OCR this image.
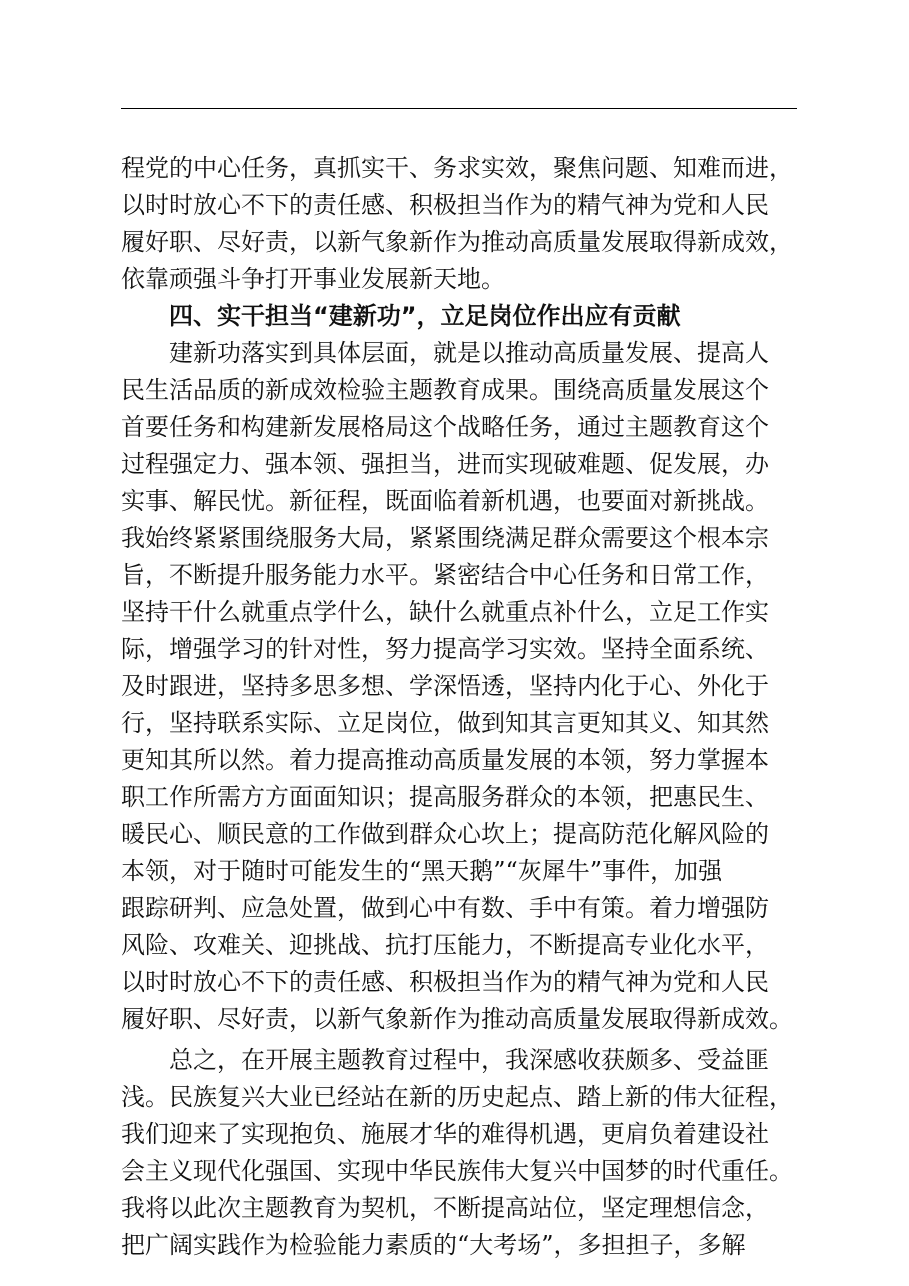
程党的中心任务，真抓实干、务求实效，聚焦问题、知难而进，
以时时放心不下的责任感、积极担当作为的精气神为党和人民
履好职、尽好责，以新气象新作为推动高质量发展取得新成效，
依靠顽强斗争打开事业发展新天地。
四、实干担当“建新功”，立足岗位作出应有贡献
建新功落实到具体层面，就是以推动高质量发展、提高人
民生活品质的新成效检验主题教育成果。围绕高质量发展这个
首要任务和构建新发展格局这个战略任务，通过主题教育这个
过程强定力、强本领、强担当，进而实现破难题、促发展，办
实事、解民忧。新征程，既面临着新机遇，也要面对新挑战。
我始终紧紧围绕服务大局，紧紧围绕满足群众需要这个根本宗
旨，不断提升服务能力水平。紧密结合中心任务和日常工作，
坚持干什么就重点学什么，缺什么就重点补什么，立足工作实
际，增强学习的针对性，努力提高学习实效。坚持全面系统、
及时跟进，坚持多思多想、学深悟透，坚持内化于心、外化于
行，坚持联系实际、立足岗位，做到知其言更知其义、知其然
更知其所以然。着力提高推动高质量发展的本领，努力掌握本
职工作所需方方面面知识；提高服务群众的本领，把惠民生、
暖民心、顺民意的工作做到群众心坎上；提高防范化解风险的
本领，对于随时可能发生的“黑天鹅”“灰犀牛”事件，加强
跟踪研判、应急处置，做到心中有数、手中有策。着力增强防
风险、攻难关、迎挑战、抗打压能力，不断提高专业化水平，
以时时放心不下的责任感、积极担当作为的精气神为党和人民
履好职、尽好责，以新气象新作为推动高质量发展取得新成效。
总之，在开展主题教育过程中，我深感收获颇多、受益匪
浅。民族复兴大业已经站在新的历史起点、踏上新的伟大征程，
我们迎来了实现抱负、施展才华的难得机遇，更肩负着建设社
会主义现代化强国、实现中华民族伟大复兴中国梦的时代重任。
我将以此次主题教育为契机，不断提高站位，坚定理想信念，
把广阔实践作为检验能力素质的“大考场”，多担担子，多解
